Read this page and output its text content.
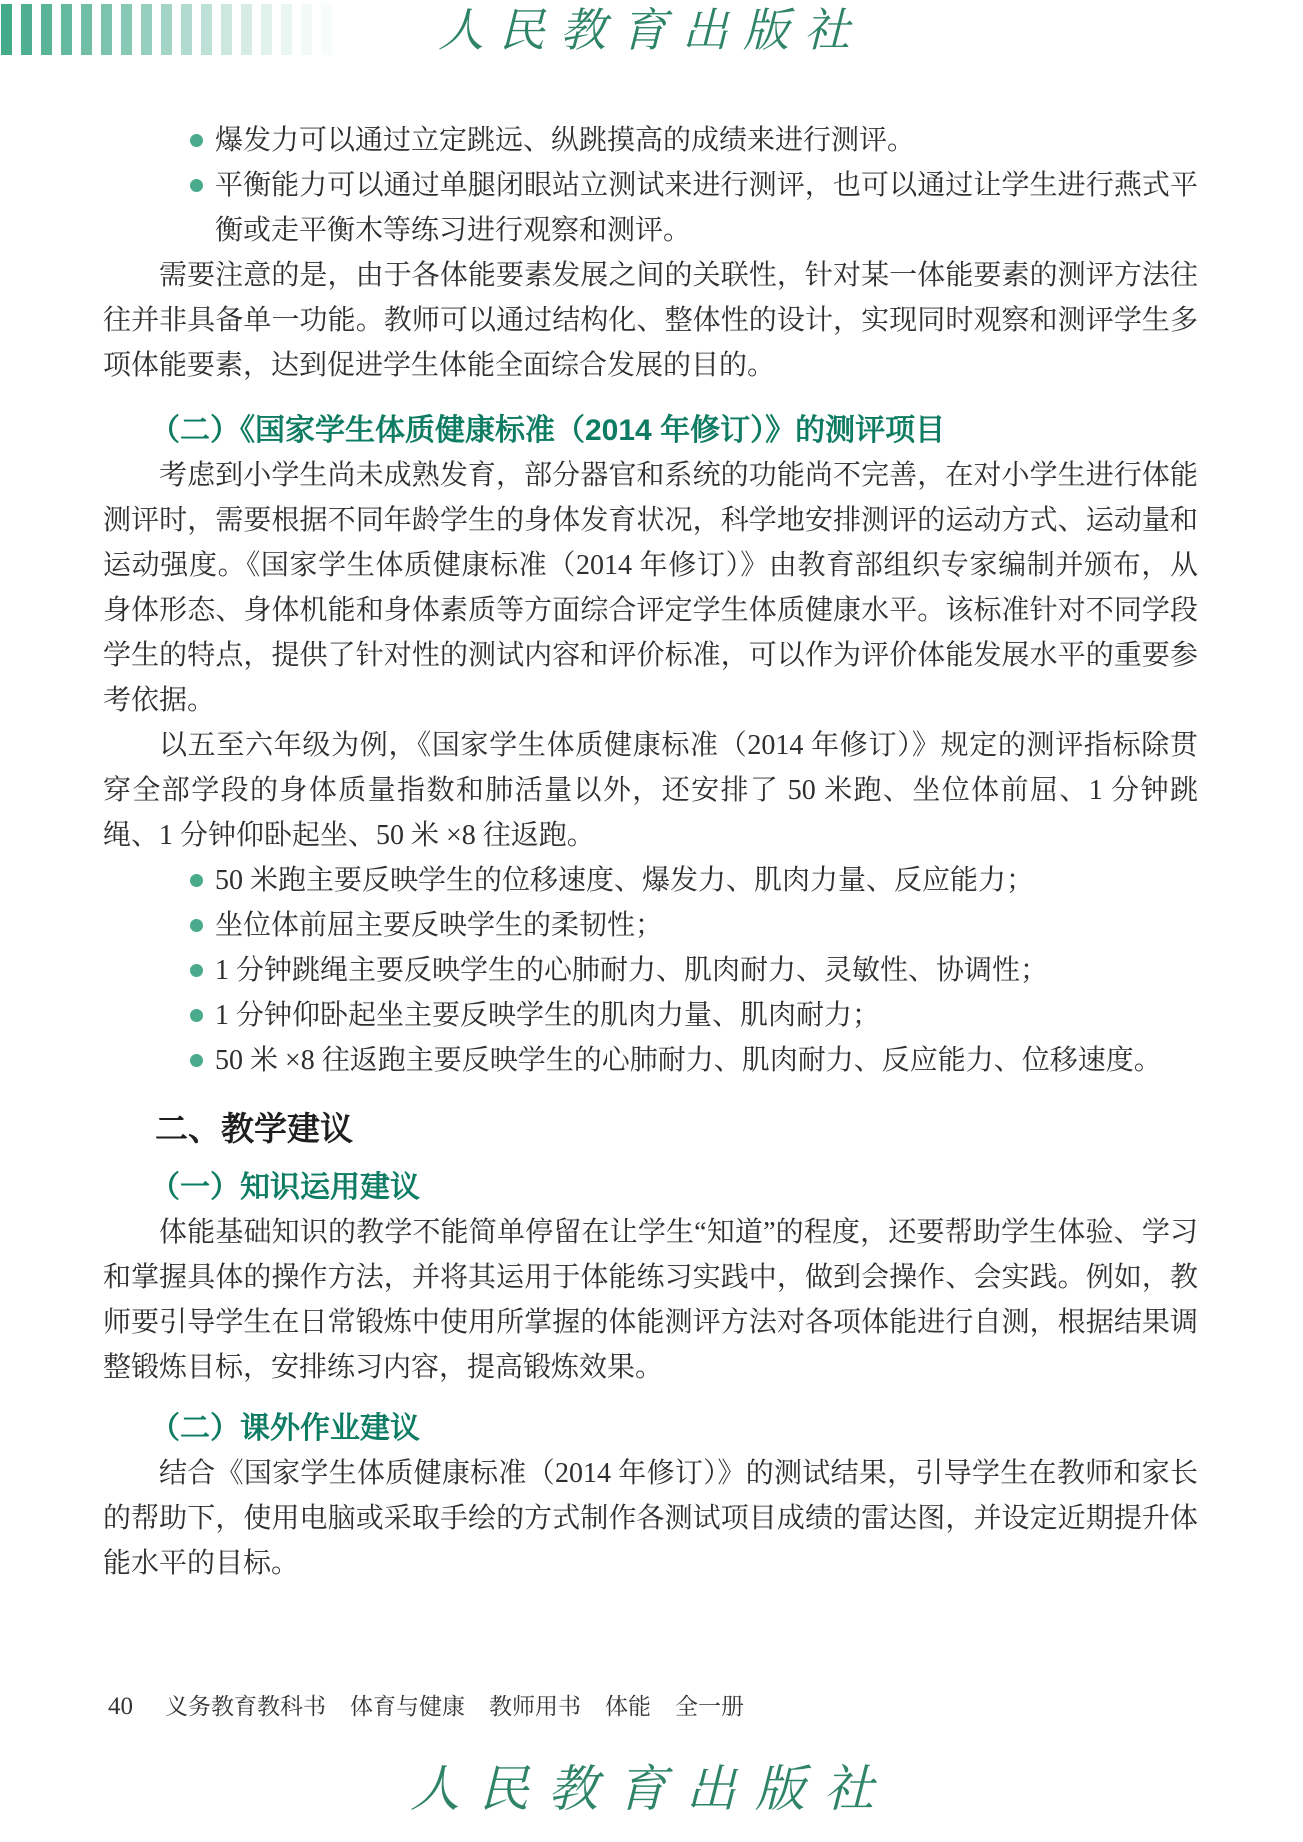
人民教育出版社
爆发力可以通过立定跳远、纵跳摸高的成绩来进行测评。
平衡能力可以通过单腿闭眼站立测试来进行测评，也可以通过让学生进行燕式平衡或走平衡木等练习进行观察和测评。

需要注意的是，由于各体能要素发展之间的关联性，针对某一体能要素的测评方法往往并非具备单一功能。教师可以通过结构化、整体性的设计，实现同时观察和测评学生多项体能要素，达到促进学生体能全面综合发展的目的。

（二）《国家学生体质健康标准（2014 年修订）》的测评项目

考虑到小学生尚未成熟发育，部分器官和系统的功能尚不完善，在对小学生进行体能测评时，需要根据不同年龄学生的身体发育状况，科学地安排测评的运动方式、运动量和运动强度。《国家学生体质健康标准（2014 年修订）》由教育部组织专家编制并颁布，从身体形态、身体机能和身体素质等方面综合评定学生体质健康水平。该标准针对不同学段学生的特点，提供了针对性的测试内容和评价标准，可以作为评价体能发展水平的重要参考依据。

以五至六年级为例，《国家学生体质健康标准（2014 年修订）》规定的测评指标除贯穿全部学段的身体质量指数和肺活量以外，还安排了 50 米跑、坐位体前屈、1 分钟跳绳、1 分钟仰卧起坐、50 米 ×8 往返跑。

50 米跑主要反映学生的位移速度、爆发力、肌肉力量、反应能力；
坐位体前屈主要反映学生的柔韧性；
1 分钟跳绳主要反映学生的心肺耐力、肌肉耐力、灵敏性、协调性；
1 分钟仰卧起坐主要反映学生的肌肉力量、肌肉耐力；
50 米 ×8 往返跑主要反映学生的心肺耐力、肌肉耐力、反应能力、位移速度。
二、教学建议
（一）知识运用建议

体能基础知识的教学不能简单停留在让学生“知道”的程度，还要帮助学生体验、学习和掌握具体的操作方法，并将其运用于体能练习实践中，做到会操作、会实践。例如，教师要引导学生在日常锻炼中使用所掌握的体能测评方法对各项体能进行自测，根据结果调整锻炼目标，安排练习内容，提高锻炼效果。

（二）课外作业建议

结合《国家学生体质健康标准（2014 年修订）》的测试结果，引导学生在教师和家长的帮助下，使用电脑或采取手绘的方式制作各测试项目成绩的雷达图，并设定近期提升体能水平的目标。

40 义务教育教科书 体育与健康 教师用书 体能 全一册
人民教育出版社
